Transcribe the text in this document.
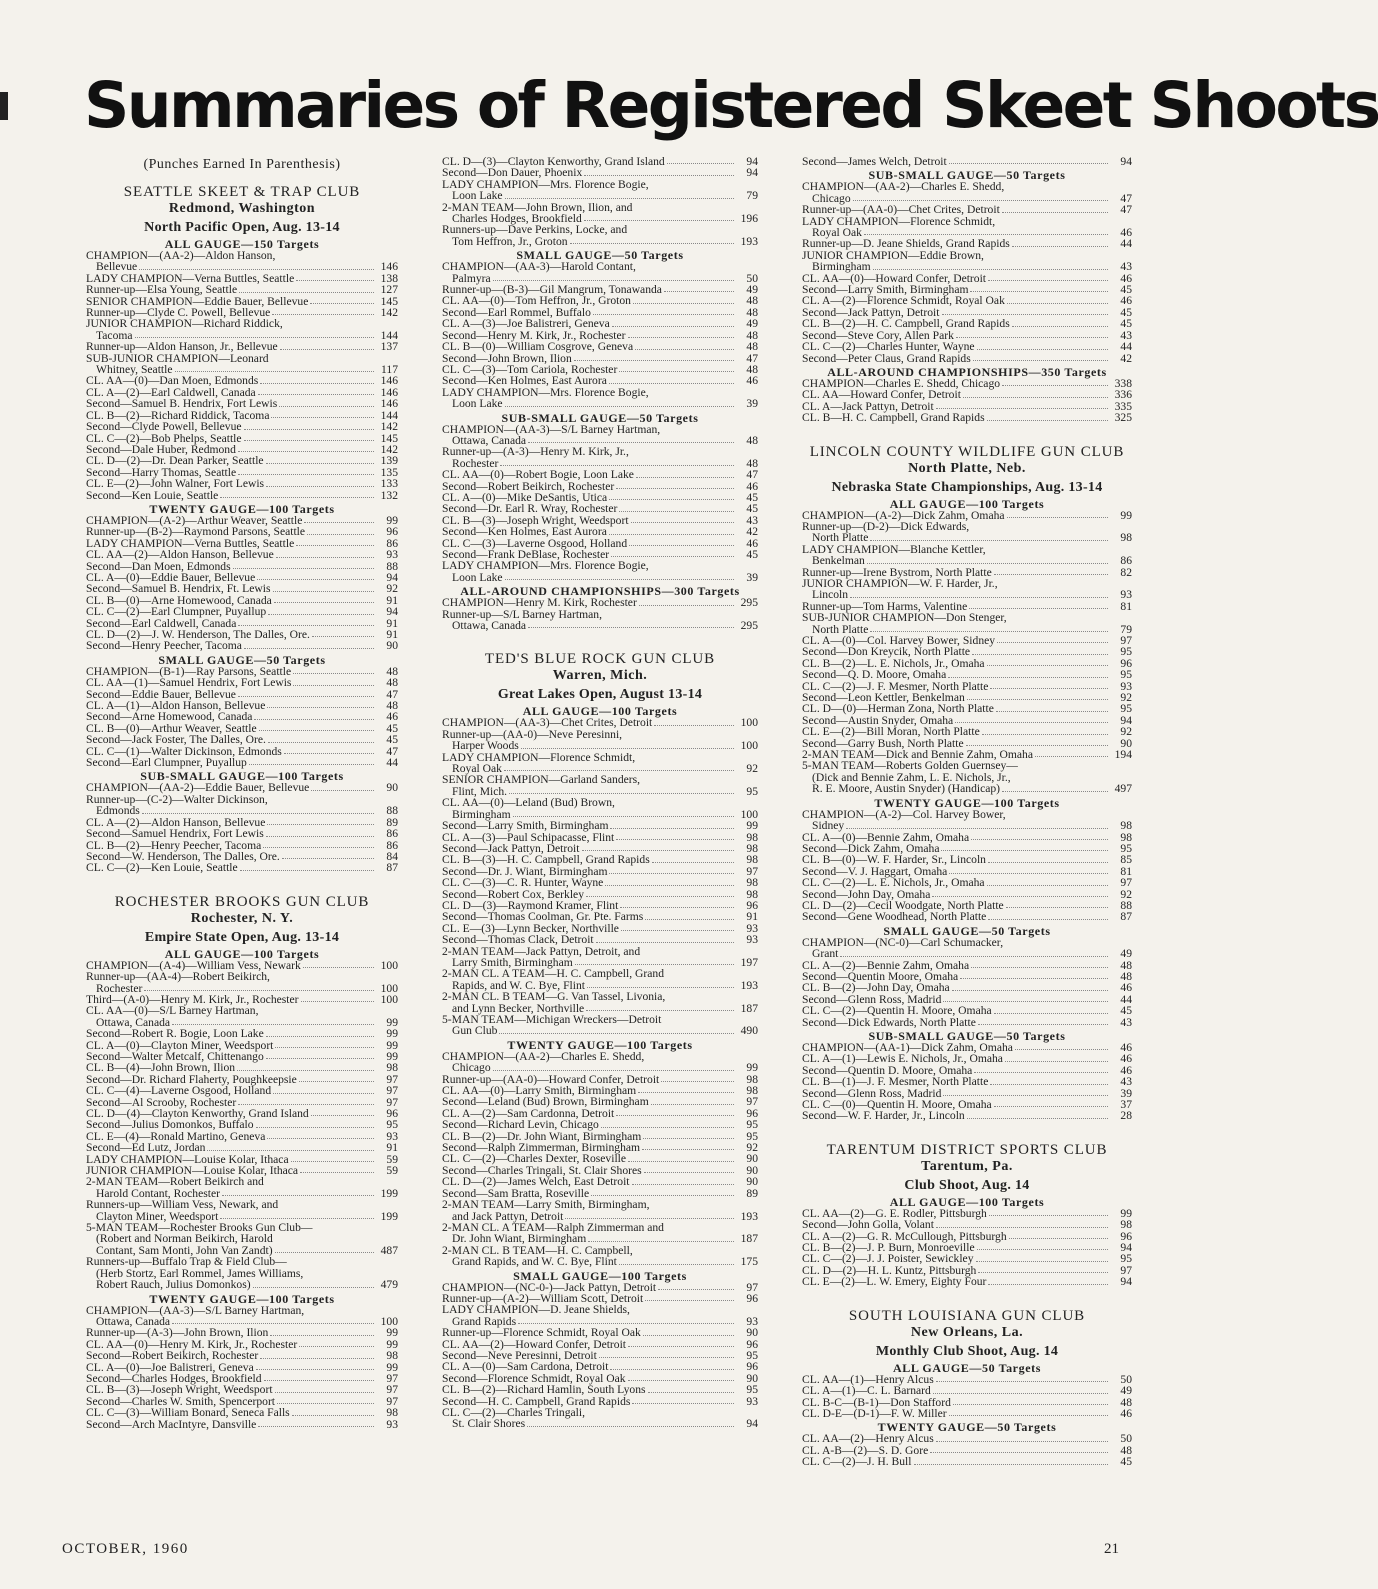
Summaries of Registered Skeet Shoots
(Punches Earned In Parenthesis)
SEATTLE SKEET & TRAP CLUB
Redmond, Washington
North Pacific Open, Aug. 13-14
ALL GAUGE—150 Targets
CHAMPION—(AA-2)—Aldon Hanson,
Bellevue	146
LADY CHAMPION—Verna Buttles, Seattle	138
Runner-up—Elsa Young, Seattle	127
SENIOR CHAMPION—Eddie Bauer, Bellevue	145
Runner-up—Clyde C. Powell, Bellevue	142
JUNIOR CHAMPION—Richard Riddick,
Tacoma	144
Runner-up—Aldon Hanson, Jr., Bellevue	137
SUB-JUNIOR CHAMPION—Leonard
Whitney, Seattle	117
CL. AA—(0)—Dan Moen, Edmonds	146
CL. A—(2)—Earl Caldwell, Canada	146
Second—Samuel B. Hendrix, Fort Lewis	146
CL. B—(2)—Richard Riddick, Tacoma	144
Second—Clyde Powell, Bellevue	142
CL. C—(2)—Bob Phelps, Seattle	145
Second—Dale Huber, Redmond	142
CL. D—(2)—Dr. Dean Parker, Seattle	139
Second—Harry Thomas, Seattle	135
CL. E—(2)—John Walner, Fort Lewis	133
Second—Ken Louie, Seattle	132
TWENTY GAUGE—100 Targets
CHAMPION—(A-2)—Arthur Weaver, Seattle	99
Runner-up—(B-2)—Raymond Parsons, Seattle	96
LADY CHAMPION—Verna Buttles, Seattle	86
CL. AA—(2)—Aldon Hanson, Bellevue	93
Second—Dan Moen, Edmonds	88
CL. A—(0)—Eddie Bauer, Bellevue	94
Second—Samuel B. Hendrix, Ft. Lewis	92
CL. B—(0)—Arne Homewood, Canada	91
CL. C—(2)—Earl Clumpner, Puyallup	94
Second—Earl Caldwell, Canada	91
CL. D—(2)—J. W. Henderson, The Dalles, Ore.	91
Second—Henry Peecher, Tacoma	90
SMALL GAUGE—50 Targets
CHAMPION—(B-1)—Ray Parsons, Seattle	48
CL. AA—(1)—Samuel Hendrix, Fort Lewis	48
Second—Eddie Bauer, Bellevue	47
CL. A—(1)—Aldon Hanson, Bellevue	48
Second—Arne Homewood, Canada	46
CL. B—(0)—Arthur Weaver, Seattle	45
Second—Jack Foster, The Dalles, Ore.	45
CL. C—(1)—Walter Dickinson, Edmonds	47
Second—Earl Clumpner, Puyallup	44
SUB-SMALL GAUGE—100 Targets
CHAMPION—(AA-2)—Eddie Bauer, Bellevue	90
Runner-up—(C-2)—Walter Dickinson,
Edmonds	88
CL. A—(2)—Aldon Hanson, Bellevue	89
Second—Samuel Hendrix, Fort Lewis	86
CL. B—(2)—Henry Peecher, Tacoma	86
Second—W. Henderson, The Dalles, Ore.	84
CL. C—(2)—Ken Louie, Seattle	87
ROCHESTER BROOKS GUN CLUB
Rochester, N. Y.
Empire State Open, Aug. 13-14
ALL GAUGE—100 Targets
CHAMPION—(A-4)—William Vess, Newark	100
Runner-up—(AA-4)—Robert Beikirch,
Rochester	100
Third—(A-0)—Henry M. Kirk, Jr., Rochester	100
CL. AA—(0)—S/L Barney Hartman,
Ottawa, Canada	99
Second—Robert R. Bogie, Loon Lake	99
CL. A—(0)—Clayton Miner, Weedsport	99
Second—Walter Metcalf, Chittenango	99
CL. B—(4)—John Brown, Ilion	98
Second—Dr. Richard Flaherty, Poughkeepsie	97
CL. C—(4)—Laverne Osgood, Holland	97
Second—Al Scrooby, Rochester	97
CL. D—(4)—Clayton Kenworthy, Grand Island	96
Second—Julius Domonkos, Buffalo	95
CL. E—(4)—Ronald Martino, Geneva	93
Second—Ed Lutz, Jordan	91
LADY CHAMPION—Louise Kolar, Ithaca	59
JUNIOR CHAMPION—Louise Kolar, Ithaca	59
2-MAN TEAM—Robert Beikirch and
Harold Contant, Rochester	199
Runners-up—William Vess, Newark, and
Clayton Miner, Weedsport	199
5-MAN TEAM—Rochester Brooks Gun Club—
(Robert and Norman Beikirch, Harold
Contant, Sam Monti, John Van Zandt)	487
Runners-up—Buffalo Trap & Field Club—
(Herb Stortz, Earl Rommel, James Williams,
Robert Rauch, Julius Domonkos)	479
TWENTY GAUGE—100 Targets
CHAMPION—(AA-3)—S/L Barney Hartman,
Ottawa, Canada	100
Runner-up—(A-3)—John Brown, Ilion	99
CL. AA—(0)—Henry M. Kirk, Jr., Rochester	99
Second—Robert Beikirch, Rochester	98
CL. A—(0)—Joe Balistreri, Geneva	99
Second—Charles Hodges, Brookfield	97
CL. B—(3)—Joseph Wright, Weedsport	97
Second—Charles W. Smith, Spencerport	97
CL. C—(3)—William Bonard, Seneca Falls	98
Second—Arch MacIntyre, Dansville	93
CL. D—(3)—Clayton Kenworthy, Grand Island	94
Second—Don Dauer, Phoenix	94
LADY CHAMPION—Mrs. Florence Bogie,
Loon Lake	79
2-MAN TEAM—John Brown, Ilion, and
Charles Hodges, Brookfield	196
Runners-up—Dave Perkins, Locke, and
Tom Heffron, Jr., Groton	193
SMALL GAUGE—50 Targets
CHAMPION—(AA-3)—Harold Contant,
Palmyra	50
Runner-up—(B-3)—Gil Mangrum, Tonawanda	49
CL. AA—(0)—Tom Heffron, Jr., Groton	48
Second—Earl Rommel, Buffalo	48
CL. A—(3)—Joe Balistreri, Geneva	49
Second—Henry M. Kirk, Jr., Rochester	48
CL. B—(0)—William Cosgrove, Geneva	48
Second—John Brown, Ilion	47
CL. C—(3)—Tom Cariola, Rochester	48
Second—Ken Holmes, East Aurora	46
LADY CHAMPION—Mrs. Florence Bogie,
Loon Lake	39
SUB-SMALL GAUGE—50 Targets
CHAMPION—(AA-3)—S/L Barney Hartman,
Ottawa, Canada	48
Runner-up—(A-3)—Henry M. Kirk, Jr.,
Rochester	48
CL. AA—(0)—Robert Bogie, Loon Lake	47
Second—Robert Beikirch, Rochester	46
CL. A—(0)—Mike DeSantis, Utica	45
Second—Dr. Earl R. Wray, Rochester	45
CL. B—(3)—Joseph Wright, Weedsport	43
Second—Ken Holmes, East Aurora	42
CL. C—(3)—Laverne Osgood, Holland	46
Second—Frank DeBlase, Rochester	45
LADY CHAMPION—Mrs. Florence Bogie,
Loon Lake	39
ALL-AROUND CHAMPIONSHIPS—300 Targets
CHAMPION—Henry M. Kirk, Rochester	295
Runner-up—S/L Barney Hartman,
Ottawa, Canada	295
TED'S BLUE ROCK GUN CLUB
Warren, Mich.
Great Lakes Open, August 13-14
ALL GAUGE—100 Targets
CHAMPION—(AA-3)—Chet Crites, Detroit	100
Runner-up—(AA-0)—Neve Peresinni,
Harper Woods	100
LADY CHAMPION—Florence Schmidt,
Royal Oak	92
SENIOR CHAMPION—Garland Sanders,
Flint, Mich.	95
CL. AA—(0)—Leland (Bud) Brown,
Birmingham	100
Second—Larry Smith, Birmingham	99
CL. A—(3)—Paul Schipacasse, Flint	98
Second—Jack Pattyn, Detroit	98
CL. B—(3)—H. C. Campbell, Grand Rapids	98
Second—Dr. J. Wiant, Birmingham	97
CL. C—(3)—C. R. Hunter, Wayne	98
Second—Robert Cox, Berkley	98
CL. D—(3)—Raymond Kramer, Flint	96
Second—Thomas Coolman, Gr. Pte. Farms	91
CL. E—(3)—Lynn Becker, Northville	93
Second—Thomas Clack, Detroit	93
2-MAN TEAM—Jack Pattyn, Detroit, and
Larry Smith, Birmingham	197
2-MAN CL. A TEAM—H. C. Campbell, Grand
Rapids, and W. C. Bye, Flint	193
2-MAN CL. B TEAM—G. Van Tassel, Livonia,
and Lynn Becker, Northville	187
5-MAN TEAM—Michigan Wreckers—Detroit
Gun Club	490
TWENTY GAUGE—100 Targets
CHAMPION—(AA-2)—Charles E. Shedd,
Chicago	99
Runner-up—(AA-0)—Howard Confer, Detroit	98
CL. AA—(0)—Larry Smith, Birmingham	98
Second—Leland (Bud) Brown, Birmingham	97
CL. A—(2)—Sam Cardonna, Detroit	96
Second—Richard Levin, Chicago	95
CL. B—(2)—Dr. John Wiant, Birmingham	95
Second—Ralph Zimmerman, Birmingham	92
CL. C—(2)—Charles Dexter, Roseville	90
Second—Charles Tringali, St. Clair Shores	90
CL. D—(2)—James Welch, East Detroit	90
Second—Sam Bratta, Roseville	89
2-MAN TEAM—Larry Smith, Birmingham,
and Jack Pattyn, Detroit	193
2-MAN CL. A TEAM—Ralph Zimmerman and
Dr. John Wiant, Birmingham	187
2-MAN CL. B TEAM—H. C. Campbell,
Grand Rapids, and W. C. Bye, Flint	175
SMALL GAUGE—100 Targets
CHAMPION—(NC-0-)—Jack Pattyn, Detroit	97
Runner-up—(A-2)—William Scott, Detroit	96
LADY CHAMPION—D. Jeane Shields,
Grand Rapids	93
Runner-up—Florence Schmidt, Royal Oak	90
CL. AA—(2)—Howard Confer, Detroit	96
Second—Neve Peresinni, Detroit	95
CL. A—(0)—Sam Cardona, Detroit	96
Second—Florence Schmidt, Royal Oak	90
CL. B—(2)—Richard Hamlin, South Lyons	95
Second—H. C. Campbell, Grand Rapids	93
CL. C—(2)—Charles Tringali,
St. Clair Shores	94
Second—James Welch, Detroit	94
SUB-SMALL GAUGE—50 Targets
CHAMPION—(AA-2)—Charles E. Shedd,
Chicago	47
Runner-up—(AA-0)—Chet Crites, Detroit	47
LADY CHAMPION—Florence Schmidt,
Royal Oak	46
Runner-up—D. Jeane Shields, Grand Rapids	44
JUNIOR CHAMPION—Eddie Brown,
Birmingham	43
CL. AA—(0)—Howard Confer, Detroit	46
Second—Larry Smith, Birmingham	45
CL. A—(2)—Florence Schmidt, Royal Oak	46
Second—Jack Pattyn, Detroit	45
CL. B—(2)—H. C. Campbell, Grand Rapids	45
Second—Steve Cory, Allen Park	43
CL. C—(2)—Charles Hunter, Wayne	44
Second—Peter Claus, Grand Rapids	42
ALL-AROUND CHAMPIONSHIPS—350 Targets
CHAMPION—Charles E. Shedd, Chicago	338
CL. AA—Howard Confer, Detroit	336
CL. A—Jack Pattyn, Detroit	335
CL. B—H. C. Campbell, Grand Rapids	325
LINCOLN COUNTY WILDLIFE GUN CLUB
North Platte, Neb.
Nebraska State Championships, Aug. 13-14
ALL GAUGE—100 Targets
CHAMPION—(A-2)—Dick Zahm, Omaha	99
Runner-up—(D-2)—Dick Edwards,
North Platte	98
LADY CHAMPION—Blanche Kettler,
Benkelman	86
Runner-up—Irene Bystrom, North Platte	82
JUNIOR CHAMPION—W. F. Harder, Jr.,
Lincoln	93
Runner-up—Tom Harms, Valentine	81
SUB-JUNIOR CHAMPION—Don Stenger,
North Platte	79
CL. A—(0)—Col. Harvey Bower, Sidney	97
Second—Don Kreycik, North Platte	95
CL. B—(2)—L. E. Nichols, Jr., Omaha	96
Second—Q. D. Moore, Omaha	95
CL. C—(2)—J. F. Mesmer, North Platte	93
Second—Leon Kettler, Benkelman	92
CL. D—(0)—Herman Zona, North Platte	95
Second—Austin Snyder, Omaha	94
CL. E—(2)—Bill Moran, North Platte	92
Second—Garry Bush, North Platte	90
2-MAN TEAM—Dick and Bennie Zahm, Omaha	194
5-MAN TEAM—Roberts Golden Guernsey—
(Dick and Bennie Zahm, L. E. Nichols, Jr.,
R. E. Moore, Austin Snyder) (Handicap)	497
TWENTY GAUGE—100 Targets
CHAMPION—(A-2)—Col. Harvey Bower,
Sidney	98
CL. A—(0)—Bennie Zahm, Omaha	98
Second—Dick Zahm, Omaha	95
CL. B—(0)—W. F. Harder, Sr., Lincoln	85
Second—V. J. Haggart, Omaha	81
CL. C—(2)—L. E. Nichols, Jr., Omaha	97
Second—John Day, Omaha	92
CL. D—(2)—Cecil Woodgate, North Platte	88
Second—Gene Woodhead, North Platte	87
SMALL GAUGE—50 Targets
CHAMPION—(NC-0)—Carl Schumacker,
Grant	49
CL. A—(2)—Bennie Zahm, Omaha	48
Second—Quentin Moore, Omaha	48
CL. B—(2)—John Day, Omaha	46
Second—Glenn Ross, Madrid	44
CL. C—(2)—Quentin H. Moore, Omaha	45
Second—Dick Edwards, North Platte	43
SUB-SMALL GAUGE—50 Targets
CHAMPION—(AA-1)—Dick Zahm, Omaha	46
CL. A—(1)—Lewis E. Nichols, Jr., Omaha	46
Second—Quentin D. Moore, Omaha	46
CL. B—(1)—J. F. Mesmer, North Platte	43
Second—Glenn Ross, Madrid	39
CL. C—(0)—Quentin H. Moore, Omaha	37
Second—W. F. Harder, Jr., Lincoln	28
TARENTUM DISTRICT SPORTS CLUB
Tarentum, Pa.
Club Shoot, Aug. 14
ALL GAUGE—100 Targets
CL. AA—(2)—G. E. Rodler, Pittsburgh	99
Second—John Golla, Volant	98
CL. A—(2)—G. R. McCullough, Pittsburgh	96
CL. B—(2)—J. P. Burn, Monroeville	94
CL. C—(2)—J. J. Poister, Sewickley	95
CL. D—(2)—H. L. Kuntz, Pittsburgh	97
CL. E—(2)—L. W. Emery, Eighty Four	94
SOUTH LOUISIANA GUN CLUB
New Orleans, La.
Monthly Club Shoot, Aug. 14
ALL GAUGE—50 Targets
CL. AA—(1)—Henry Alcus	50
CL. A—(1)—C. L. Barnard	49
CL. B-C—(B-1)—Don Stafford	48
CL. D-E—(D-1)—F. W. Miller	46
TWENTY GAUGE—50 Targets
CL. AA—(2)—Henry Alcus	50
CL. A-B—(2)—S. D. Gore	48
CL. C—(2)—J. H. Bull	45
OCTOBER, 1960	21
